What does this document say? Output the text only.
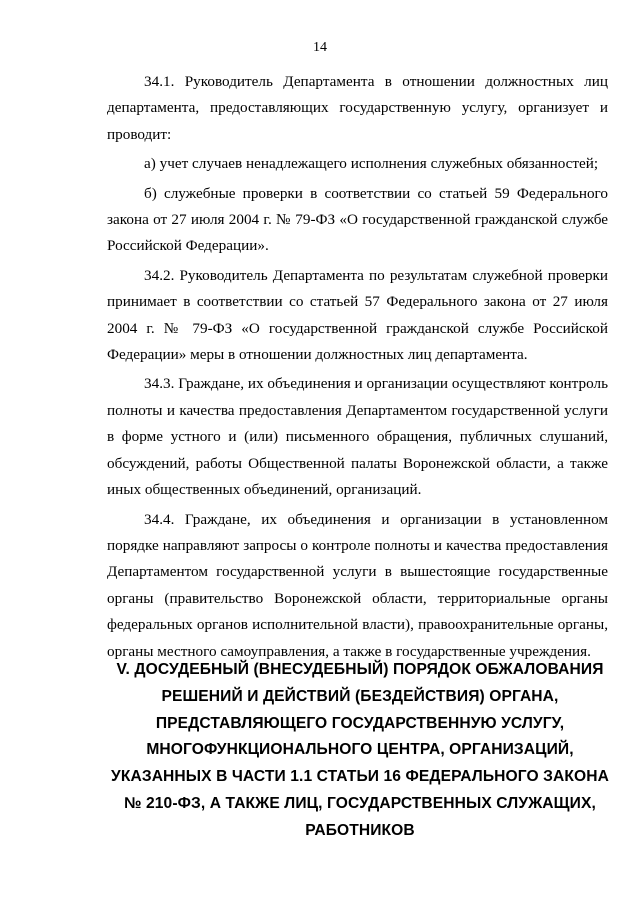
14

34.1. Руководитель Департамента в отношении должностных лиц департамента, предоставляющих государственную услугу, организует и проводит:

а) учет случаев ненадлежащего исполнения служебных обязанностей;

б) служебные проверки в соответствии со статьей 59 Федерального закона от 27 июля 2004 г. № 79-ФЗ «О государственной гражданской службе Российской Федерации».

34.2. Руководитель Департамента по результатам служебной проверки принимает в соответствии со статьей 57 Федерального закона от 27 июля 2004 г. № 79-ФЗ «О государственной гражданской службе Российской Федерации» меры в отношении должностных лиц департамента.

34.3. Граждане, их объединения и организации осуществляют контроль полноты и качества предоставления Департаментом государственной услуги в форме устного и (или) письменного обращения, публичных слушаний, обсуждений, работы Общественной палаты Воронежской области, а также иных общественных объединений, организаций.

34.4. Граждане, их объединения и организации в установленном порядке направляют запросы о контроле полноты и качества предоставления Департаментом государственной услуги в вышестоящие государственные органы (правительство Воронежской области, территориальные органы федеральных органов исполнительной власти), правоохранительные органы, органы местного самоуправления, а также в государственные учреждения.

V. ДОСУДЕБНЫЙ (ВНЕСУДЕБНЫЙ) ПОРЯДОК ОБЖАЛОВАНИЯ
РЕШЕНИЙ И ДЕЙСТВИЙ (БЕЗДЕЙСТВИЯ) ОРГАНА,
ПРЕДСТАВЛЯЮЩЕГО ГОСУДАРСТВЕННУЮ УСЛУГУ,
МНОГОФУНКЦИОНАЛЬНОГО ЦЕНТРА, ОРГАНИЗАЦИЙ,
УКАЗАННЫХ В ЧАСТИ 1.1 СТАТЬИ 16 ФЕДЕРАЛЬНОГО ЗАКОНА
№ 210-ФЗ, А ТАКЖЕ ЛИЦ, ГОСУДАРСТВЕННЫХ СЛУЖАЩИХ,
РАБОТНИКОВ
